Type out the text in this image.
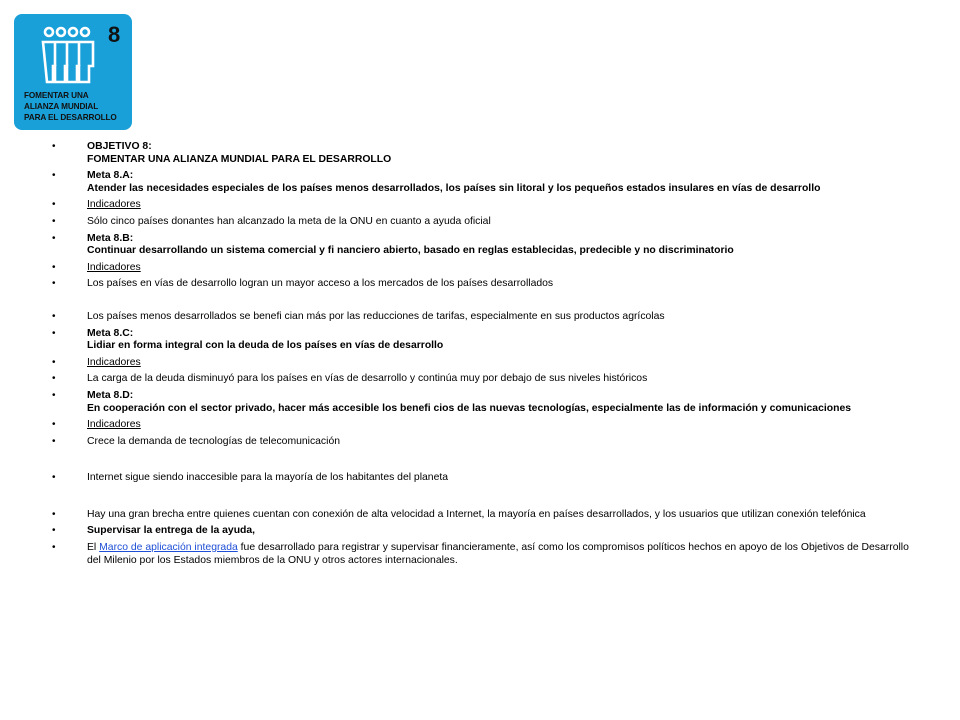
8
FOMENTAR UNA
ALIANZA MUNDIAL
PARA EL DESARROLLO
•	OBJETIVO 8:
FOMENTAR UNA ALIANZA MUNDIAL PARA EL DESARROLLO
•	Meta 8.A:
Atender las necesidades especiales de los países menos desarrollados, los países sin litoral y los pequeños estados insulares en vías de desarrollo
•	Indicadores
•	Sólo cinco países donantes han alcanzado la meta de la ONU en cuanto a ayuda oficial
•	Meta 8.B:
Continuar desarrollando un sistema comercial y fi nanciero abierto, basado en reglas establecidas, predecible y no discriminatorio
•	Indicadores
•	Los países en vías de desarrollo logran un mayor acceso a los mercados de los países desarrollados
•	Los países menos desarrollados se benefi cian más por las reducciones de tarifas, especialmente en sus productos agrícolas
•	Meta 8.C:
Lidiar en forma integral con la deuda de los países en vías de desarrollo
•	Indicadores
•	La carga de la deuda disminuyó para los países en vías de desarrollo y continúa muy por debajo de sus niveles históricos
•	Meta 8.D:
En cooperación con el sector privado, hacer más accesible los benefi cios de las nuevas tecnologías, especialmente las de información y comunicaciones
•	Indicadores
•	Crece la demanda de tecnologías de telecomunicación
•	Internet sigue siendo inaccesible para la mayoría de los habitantes del planeta
•	Hay una gran brecha entre quienes cuentan con conexión de alta velocidad a Internet, la mayoría en países desarrollados, y los usuarios que utilizan conexión telefónica
•	Supervisar la entrega de la ayuda,
•	El Marco de aplicación integrada fue desarrollado para registrar y supervisar financieramente, así como los compromisos políticos hechos en apoyo de los Objetivos de Desarrollo del Milenio por los Estados miembros de la ONU y otros actores internacionales.
